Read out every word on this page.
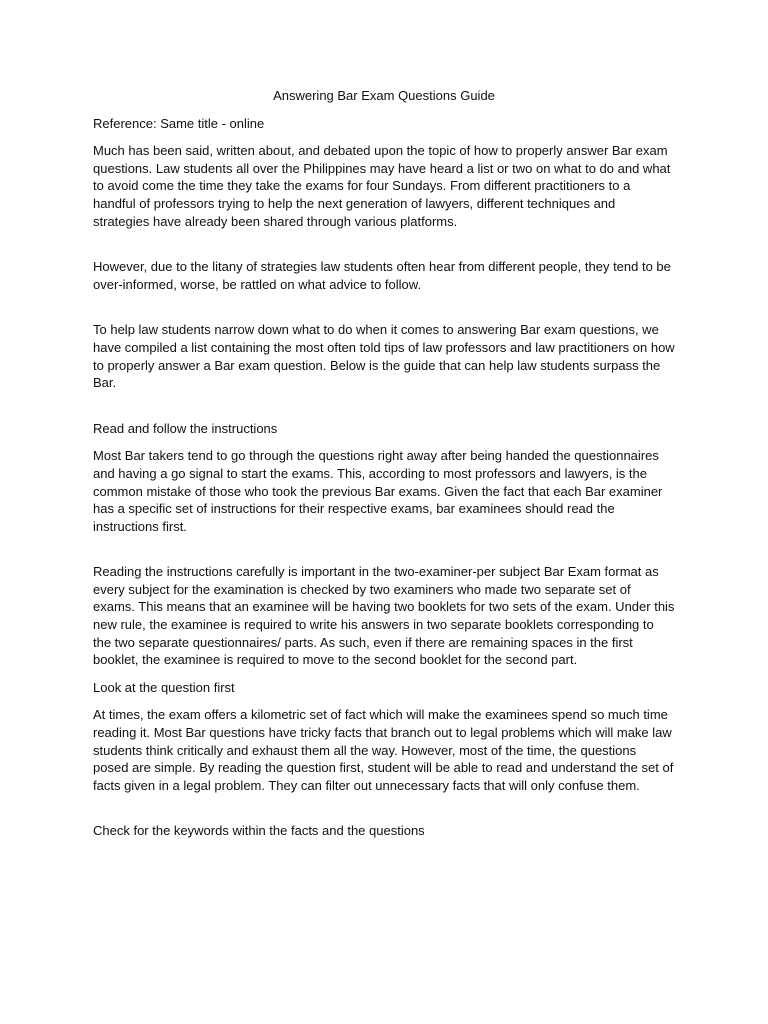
Answering Bar Exam Questions Guide

Reference: Same title - online

Much has been said, written about, and debated upon the topic of how to properly answer Bar exam questions. Law students all over the Philippines may have heard a list or two on what to do and what to avoid come the time they take the exams for four Sundays. From different practitioners to a handful of professors trying to help the next generation of lawyers, different techniques and strategies have already been shared through various platforms.

However, due to the litany of strategies law students often hear from different people, they tend to be over-informed, worse, be rattled on what advice to follow.

To help law students narrow down what to do when it comes to answering Bar exam questions, we have compiled a list containing the most often told tips of law professors and law practitioners on how to properly answer a Bar exam question. Below is the guide that can help law students surpass the Bar.

Read and follow the instructions

Most Bar takers tend to go through the questions right away after being handed the questionnaires and having a go signal to start the exams. This, according to most professors and lawyers, is the common mistake of those who took the previous Bar exams. Given the fact that each Bar examiner has a specific set of instructions for their respective exams, bar examinees should read the instructions first.

Reading the instructions carefully is important in the two-examiner-per subject Bar Exam format as every subject for the examination is checked by two examiners who made two separate set of exams. This means that an examinee will be having two booklets for two sets of the exam. Under this new rule, the examinee is required to write his answers in two separate booklets corresponding to the two separate questionnaires/ parts. As such, even if there are remaining spaces in the first booklet, the examinee is required to move to the second booklet for the second part.

Look at the question first

At times, the exam offers a kilometric set of fact which will make the examinees spend so much time reading it. Most Bar questions have tricky facts that branch out to legal problems which will make law students think critically and exhaust them all the way. However, most of the time, the questions posed are simple. By reading the question first, student will be able to read and understand the set of facts given in a legal problem. They can filter out unnecessary facts that will only confuse them.

Check for the keywords within the facts and the questions
